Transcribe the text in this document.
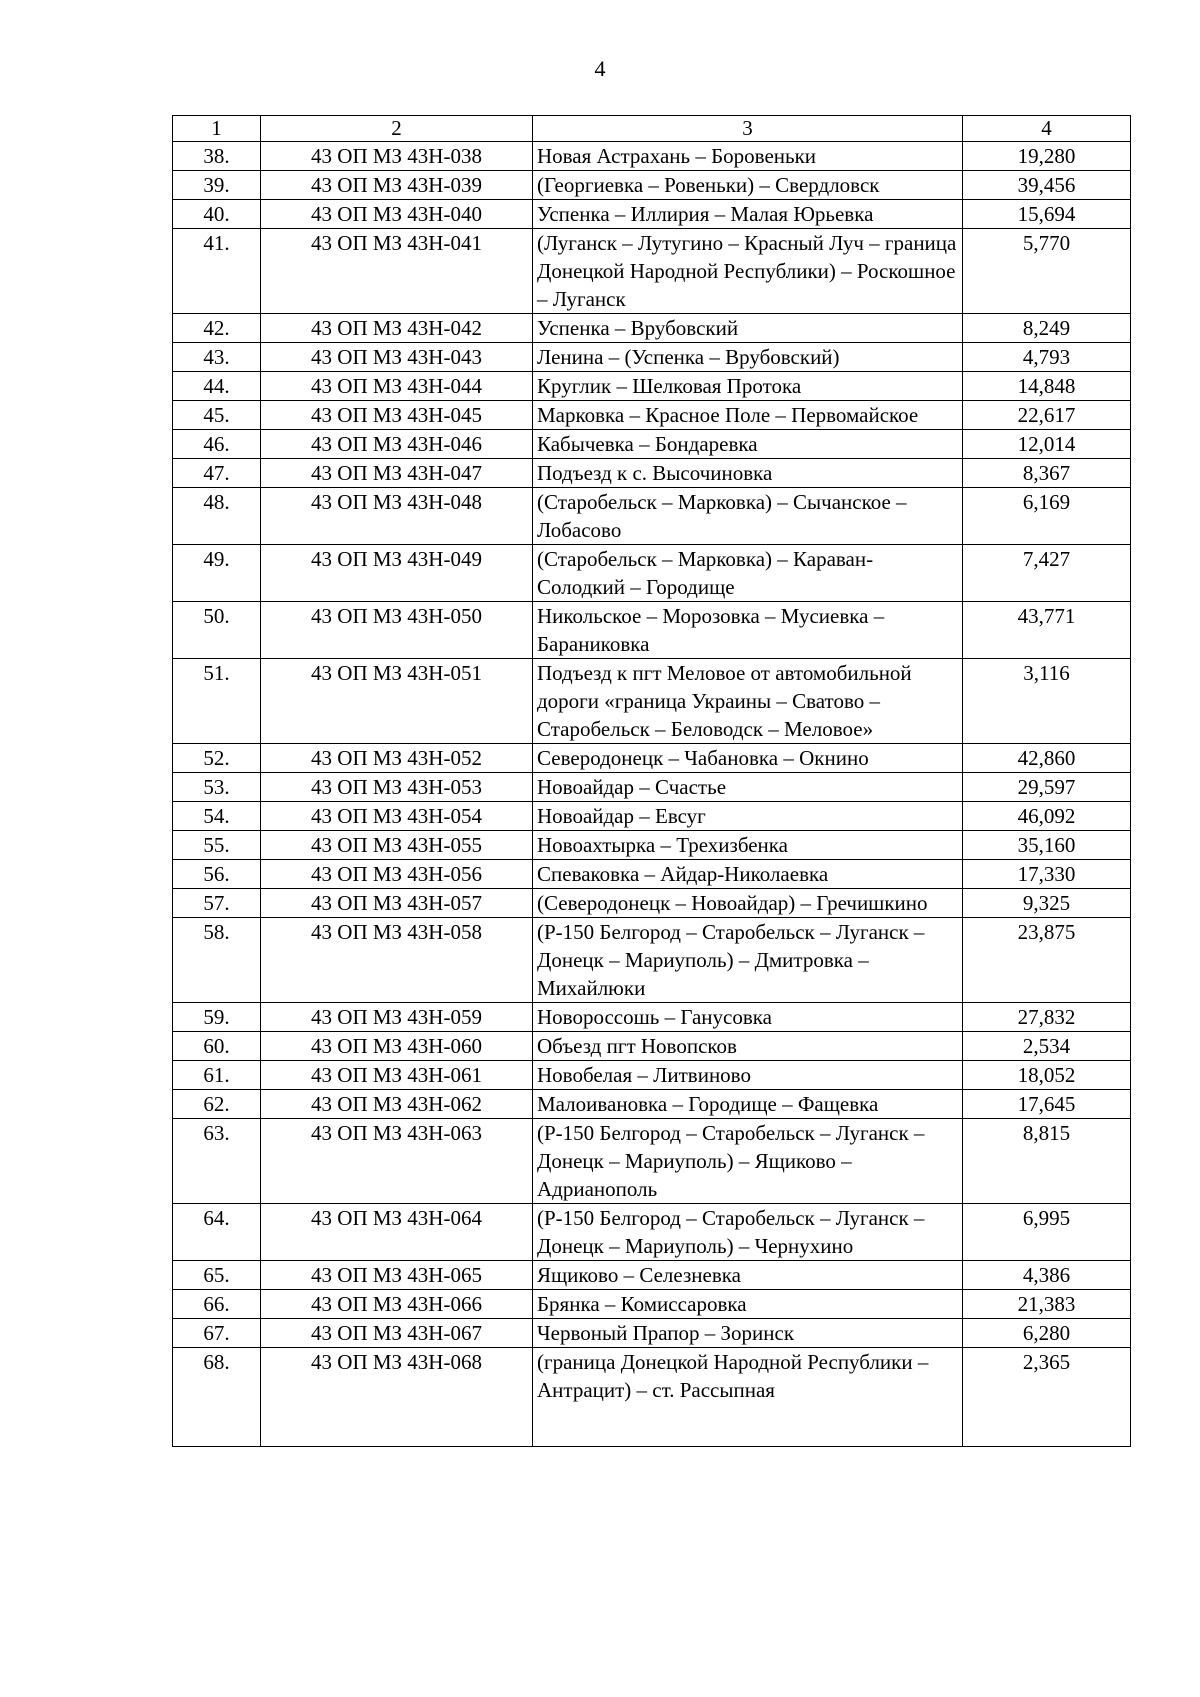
4
1	2	3	4
38.	43 ОП МЗ 43Н-038	Новая Астрахань – Боровеньки	19,280
39.	43 ОП МЗ 43Н-039	(Георгиевка – Ровеньки) – Свердловск	39,456
40.	43 ОП МЗ 43Н-040	Успенка – Иллирия – Малая Юрьевка	15,694
41.	43 ОП МЗ 43Н-041	(Луганск – Лутугино – Красный Луч – граница Донецкой Народной Республики) – Роскошное – Луганск	5,770
42.	43 ОП МЗ 43Н-042	Успенка – Врубовский	8,249
43.	43 ОП МЗ 43Н-043	Ленина – (Успенка – Врубовский)	4,793
44.	43 ОП МЗ 43Н-044	Круглик – Шелковая Протока	14,848
45.	43 ОП МЗ 43Н-045	Марковка – Красное Поле – Первомайское	22,617
46.	43 ОП МЗ 43Н-046	Кабычевка – Бондаревка	12,014
47.	43 ОП МЗ 43Н-047	Подъезд к с. Высочиновка	8,367
48.	43 ОП МЗ 43Н-048	(Старобельск – Марковка) – Сычанское – Лобасово	6,169
49.	43 ОП МЗ 43Н-049	(Старобельск – Марковка) – Караван-Солодкий – Городище	7,427
50.	43 ОП МЗ 43Н-050	Никольское – Морозовка – Мусиевка – Бараниковка	43,771
51.	43 ОП МЗ 43Н-051	Подъезд к пгт Меловое от автомобильной дороги «граница Украины – Сватово – Старобельск – Беловодск – Меловое»	3,116
52.	43 ОП МЗ 43Н-052	Северодонецк – Чабановка – Окнино	42,860
53.	43 ОП МЗ 43Н-053	Новоайдар – Счастье	29,597
54.	43 ОП МЗ 43Н-054	Новоайдар – Евсуг	46,092
55.	43 ОП МЗ 43Н-055	Новоахтырка – Трехизбенка	35,160
56.	43 ОП МЗ 43Н-056	Спеваковка – Айдар-Николаевка	17,330
57.	43 ОП МЗ 43Н-057	(Северодонецк – Новоайдар) – Гречишкино	9,325
58.	43 ОП МЗ 43Н-058	(Р-150 Белгород – Старобельск – Луганск – Донецк – Мариуполь) – Дмитровка – Михайлюки	23,875
59.	43 ОП МЗ 43Н-059	Новороссошь – Ганусовка	27,832
60.	43 ОП МЗ 43Н-060	Объезд пгт Новопсков	2,534
61.	43 ОП МЗ 43Н-061	Новобелая – Литвиново	18,052
62.	43 ОП МЗ 43Н-062	Малоивановка – Городище – Фащевка	17,645
63.	43 ОП МЗ 43Н-063	(Р-150 Белгород – Старобельск – Луганск – Донецк – Мариуполь) – Ящиково – Адрианополь	8,815
64.	43 ОП МЗ 43Н-064	(Р-150 Белгород – Старобельск – Луганск – Донецк – Мариуполь) – Чернухино	6,995
65.	43 ОП МЗ 43Н-065	Ящиково – Селезневка	4,386
66.	43 ОП МЗ 43Н-066	Брянка – Комиссаровка	21,383
67.	43 ОП МЗ 43Н-067	Червоный Прапор – Зоринск	6,280
68.	43 ОП МЗ 43Н-068	(граница Донецкой Народной Республики – Антрацит) – ст. Рассыпная	2,365
